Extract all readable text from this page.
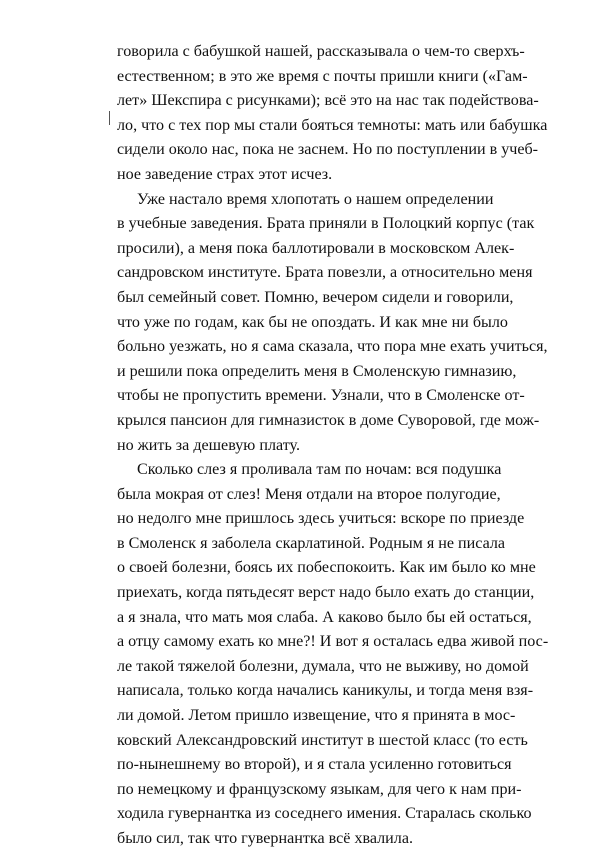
говорила с бабушкой нашей, рассказывала о чем-то сверхъ-
естественном; в это же время с почты пришли книги («Гам-
лет» Шекспира с рисунками); всё это на нас так подействова-
ло, что с тех пор мы стали бояться темноты: мать или бабушка
сидели около нас, пока не заснем. Но по поступлении в учеб-
ное заведение страх этот исчез.
Уже настало время хлопотать о нашем определении
в учебные заведения. Брата приняли в Полоцкий корпус (так
просили), а меня пока баллотировали в московском Алек-
сандровском институте. Брата повезли, а относительно меня
был семейный совет. Помню, вечером сидели и говорили,
что уже по годам, как бы не опоздать. И как мне ни было
больно уезжать, но я сама сказала, что пора мне ехать учиться,
и решили пока определить меня в Смоленскую гимназию,
чтобы не пропустить времени. Узнали, что в Смоленске от-
крылся пансион для гимназисток в доме Суворовой, где мож-
но жить за дешевую плату.
Сколько слез я проливала там по ночам: вся подушка
была мокрая от слез! Меня отдали на второе полугодие,
но недолго мне пришлось здесь учиться: вскоре по приезде
в Смоленск я заболела скарлатиной. Родным я не писала
о своей болезни, боясь их побеспокоить. Как им было ко мне
приехать, когда пятьдесят верст надо было ехать до станции,
а я знала, что мать моя слаба. А каково было бы ей остаться,
а отцу самому ехать ко мне?! И вот я осталась едва живой пос-
ле такой тяжелой болезни, думала, что не выживу, но домой
написала, только когда начались каникулы, и тогда меня взя-
ли домой. Летом пришло извещение, что я принята в мос-
ковский Александровский институт в шестой класс (то есть
по-нынешнему во второй), и я стала усиленно готовиться
по немецкому и французскому языкам, для чего к нам при-
ходила гувернантка из соседнего имения. Старалась сколько
было сил, так что гувернантка всё хвалила.
